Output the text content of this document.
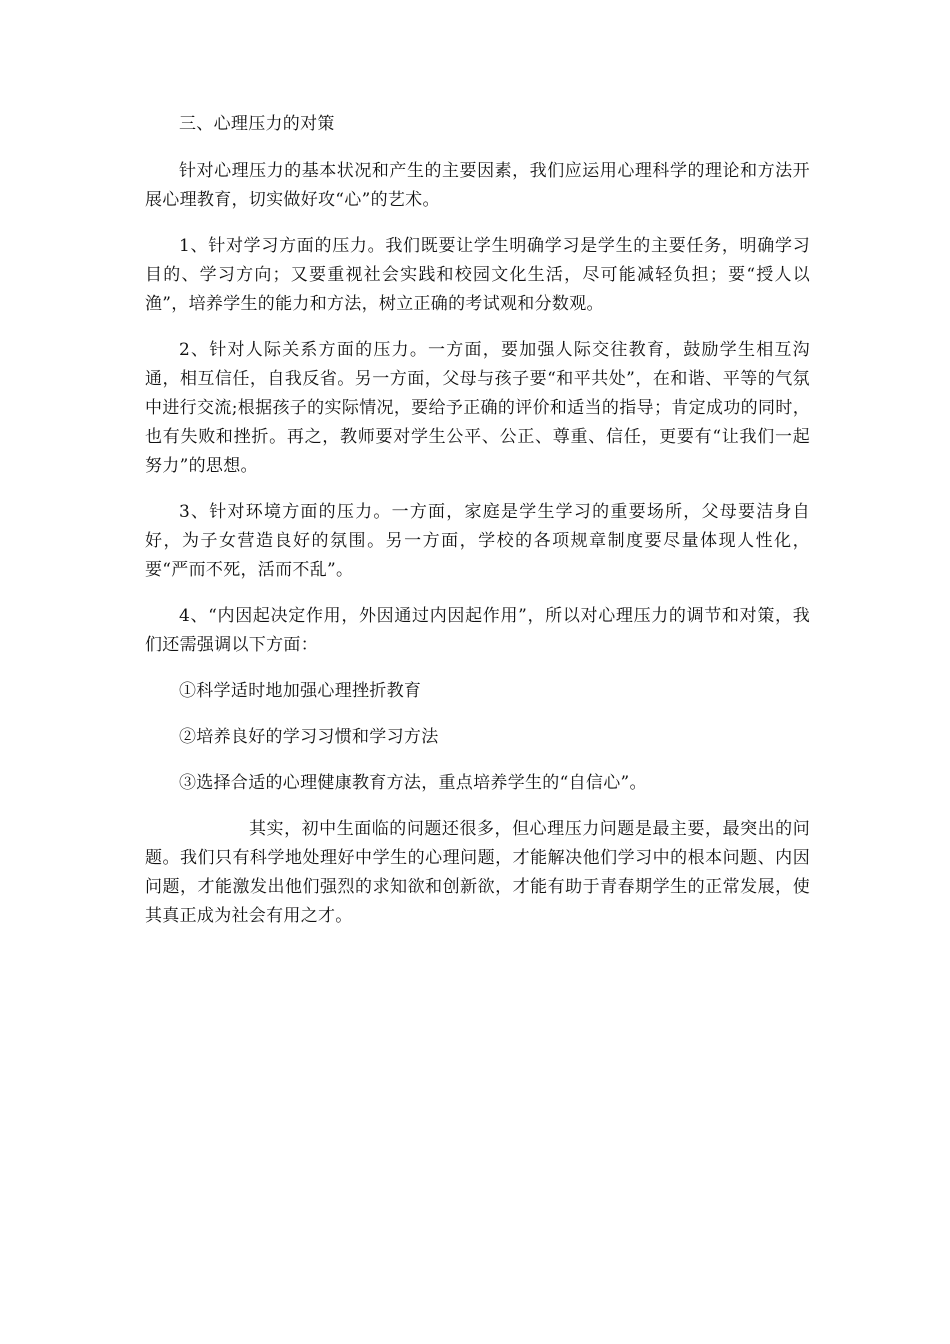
三、心理压力的对策

针对心理压力的基本状况和产生的主要因素，我们应运用心理科学的理论和方法开展心理教育，切实做好攻“心”的艺术。

1、针对学习方面的压力。我们既要让学生明确学习是学生的主要任务，明确学习目的、学习方向；又要重视社会实践和校园文化生活，尽可能减轻负担；要“授人以渔”，培养学生的能力和方法，树立正确的考试观和分数观。

2、针对人际关系方面的压力。一方面，要加强人际交往教育，鼓励学生相互沟通，相互信任，自我反省。另一方面，父母与孩子要“和平共处”，在和谐、平等的气氛中进行交流;根据孩子的实际情况，要给予正确的评价和适当的指导；肯定成功的同时，也有失败和挫折。再之，教师要对学生公平、公正、尊重、信任，更要有“让我们一起努力”的思想。

3、针对环境方面的压力。一方面，家庭是学生学习的重要场所，父母要洁身自好，为子女营造良好的氛围。另一方面，学校的各项规章制度要尽量体现人性化，要“严而不死，活而不乱”。

4、“内因起决定作用，外因通过内因起作用”，所以对心理压力的调节和对策，我们还需强调以下方面：

①科学适时地加强心理挫折教育

②培养良好的学习习惯和学习方法

③选择合适的心理健康教育方法，重点培养学生的“自信心”。

其实，初中生面临的问题还很多，但心理压力问题是最主要，最突出的问题。我们只有科学地处理好中学生的心理问题，才能解决他们学习中的根本问题、内因问题，才能激发出他们强烈的求知欲和创新欲，才能有助于青春期学生的正常发展，使其真正成为社会有用之才。
